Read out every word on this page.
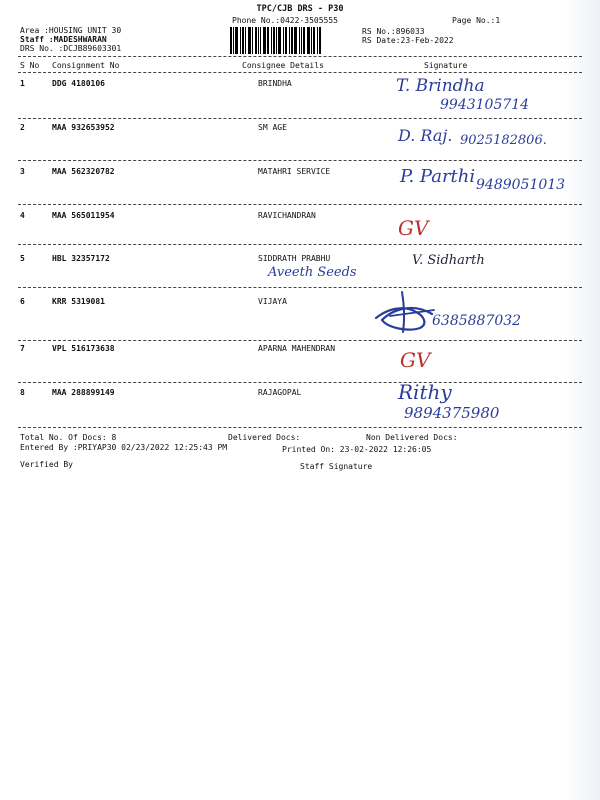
TPC/CJB DRS - P30
Phone No.:0422-3505555	Page No.:1
Area :HOUSING UNIT 30
Staff :MADESHWARAN
DRS No. :DCJB89603301
RS No.:896033
RS Date:23-Feb-2022
S No Consignment No	Consignee Details	Signature
1	DDG 4180106	BRINDHA	T. Brindha
9943105714
2	MAA 932653952	SM AGE	D. Raj. 9025182806.
3	MAA 562320782	MATAHRI SERVICE	P. Parthi 9489051013
4	MAA 565011954	RAVICHANDRAN
GV
5	HBL 32357172	SIDDRATH PRABHU
Aveeth Seeds
V. Sidharth
6	KRR 5319081	VIJAYA
6385887032
7	VPL 516173638	APARNA MAHENDRAN	GV
8	MAA 288899149	RAJAGOPAL	Rithy
9894375980
Total No. Of Docs: 8	Delivered Docs:	Non Delivered Docs:
Entered By :PRIYAP30 02/23/2022 12:25:43 PM	Printed On: 23-02-2022 12:26:05
Verified By	Staff Signature
